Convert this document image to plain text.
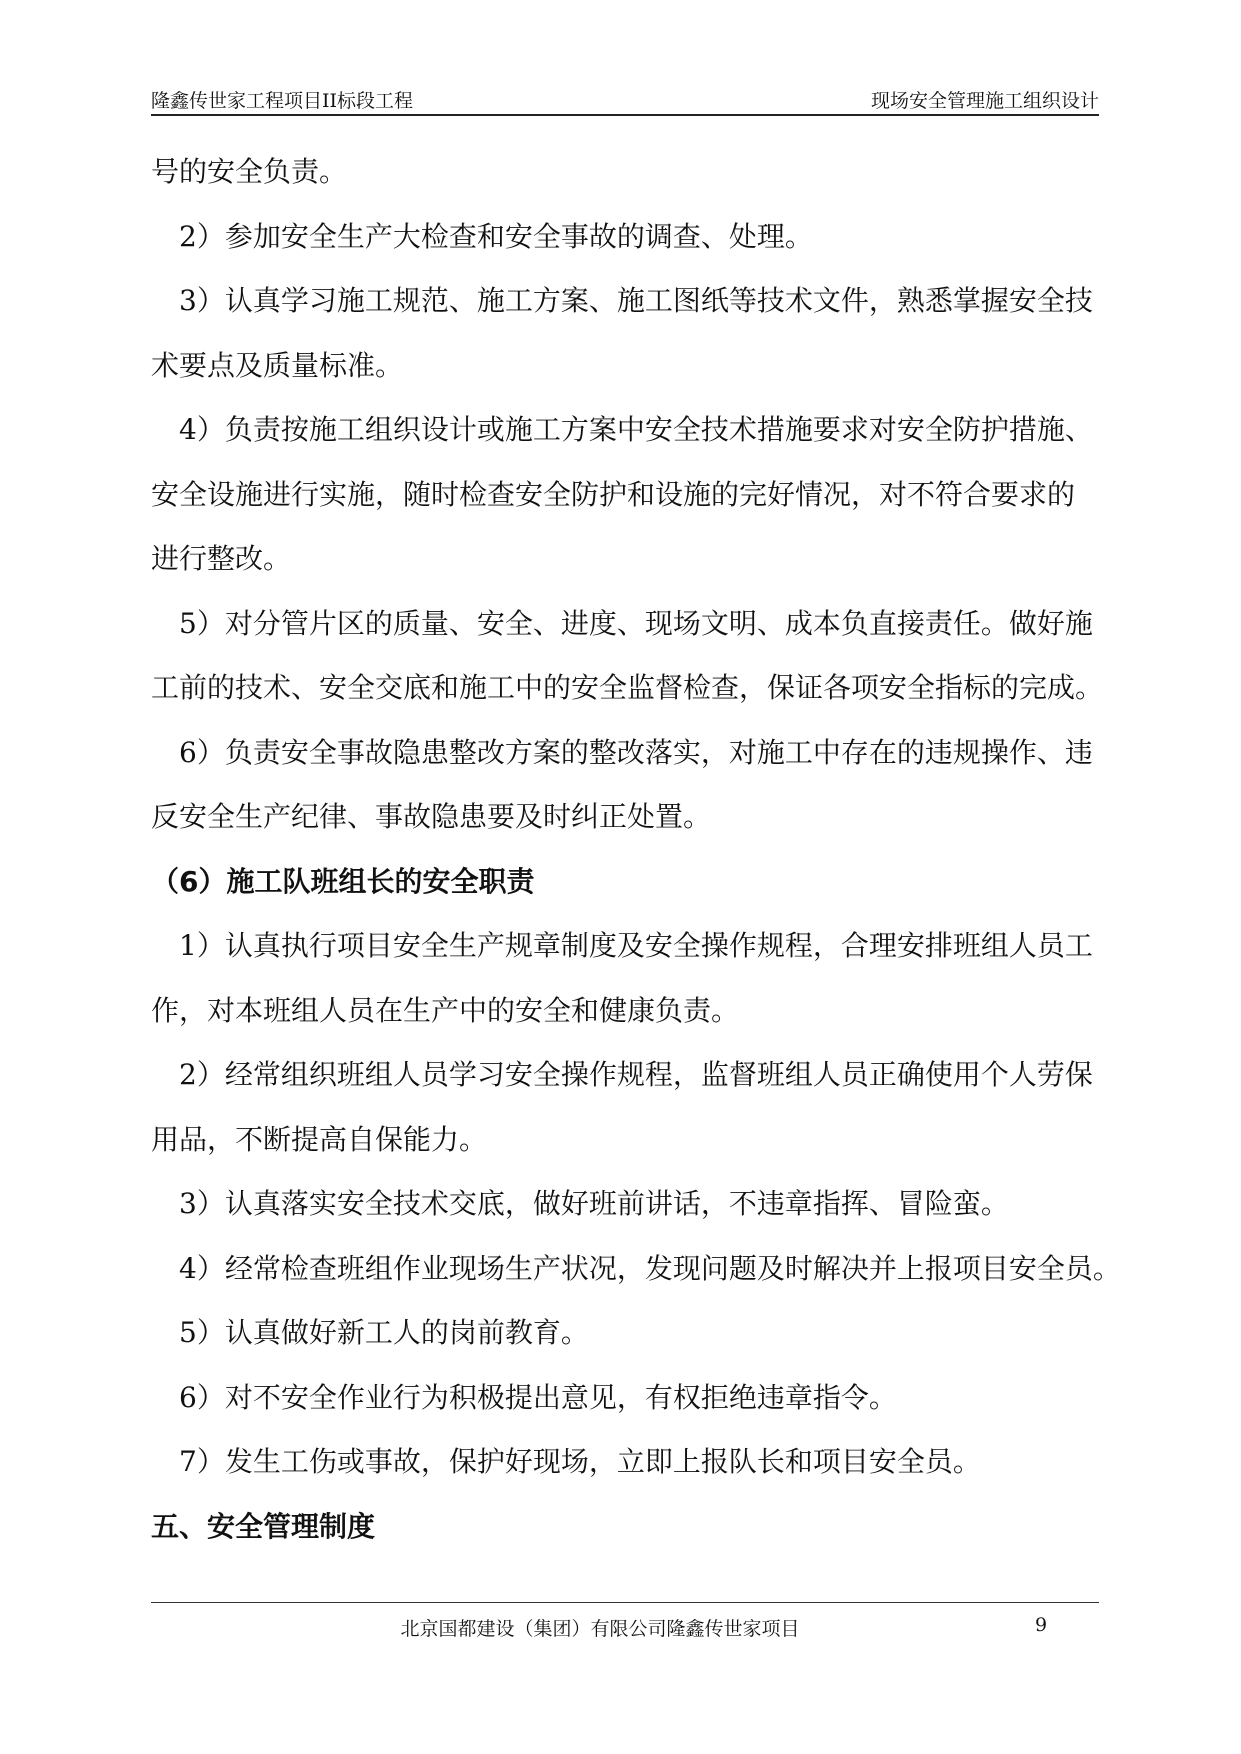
隆鑫传世家工程项目II标段工程	现场安全管理施工组织设计
号的安全负责。
2）参加安全生产大检查和安全事故的调查、处理。
3）认真学习施工规范、施工方案、施工图纸等技术文件，熟悉掌握安全技
术要点及质量标准。
4）负责按施工组织设计或施工方案中安全技术措施要求对安全防护措施、
安全设施进行实施，随时检查安全防护和设施的完好情况，对不符合要求的
进行整改。
5）对分管片区的质量、安全、进度、现场文明、成本负直接责任。做好施
工前的技术、安全交底和施工中的安全监督检查，保证各项安全指标的完成。
6）负责安全事故隐患整改方案的整改落实，对施工中存在的违规操作、违
反安全生产纪律、事故隐患要及时纠正处置。
（6）施工队班组长的安全职责
1）认真执行项目安全生产规章制度及安全操作规程，合理安排班组人员工
作，对本班组人员在生产中的安全和健康负责。
2）经常组织班组人员学习安全操作规程，监督班组人员正确使用个人劳保
用品，不断提高自保能力。
3）认真落实安全技术交底，做好班前讲话，不违章指挥、冒险蛮。
4）经常检查班组作业现场生产状况，发现问题及时解决并上报项目安全员。
5）认真做好新工人的岗前教育。
6）对不安全作业行为积极提出意见，有权拒绝违章指令。
7）发生工伤或事故，保护好现场，立即上报队长和项目安全员。
五、安全管理制度
北京国都建设（集团）有限公司隆鑫传世家项目	9
